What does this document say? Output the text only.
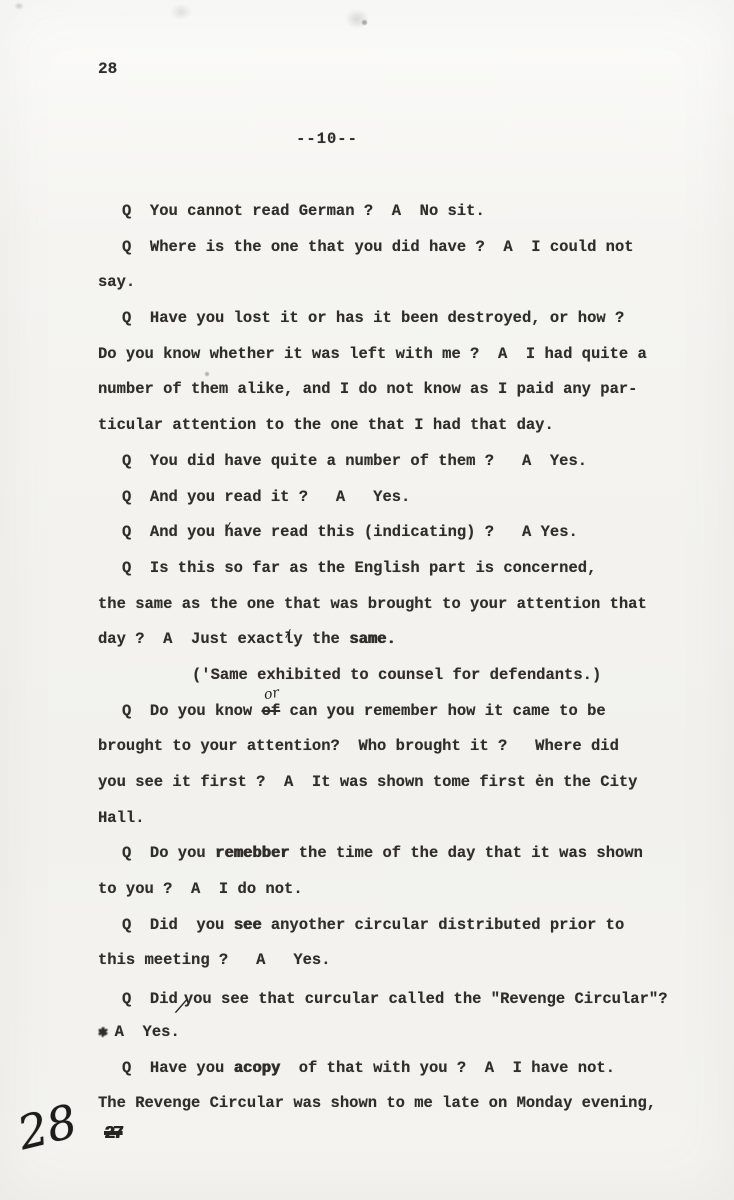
28
--10--
Q  You cannot read German ?  A  No sit.
Q  Where is the one that you did have ?  A  I could not
say.
Q  Have you lost it or has it been destroyed, or how ?
Do you know whether it was left with me ?  A  I had quite a
number of them alike, and I do not know as I paid any par-
ticular attention to the one that I had that day.
Q  You did have quite a number of them ?   A  Yes.
Q  And you read it ?   A   Yes.
Q  And you have read this (indicating) ?   A Yes.
Q  Is this so far as the English part is concerned,
the same as the one that was brought to your attention that
day ?  A  Just exactly the same.
('Same exhibited to counsel for defendants.)
Q  Do you know of
or
can you remember how it came to be
brought to your attention?  Who brought it ?   Where did
you see it first ?  A  It was shown tome first ėn the City
Hall.
Q  Do you remebber the time of the day that it was shown
to you ?  A  I do not.
Q  Did  you see anyother circular distributed prior to
this meeting ?   A   Yes.
Q  Did∕you see that curcular called the "Revenge Circular"?
✱ A  Yes.
Q  Have you acopy  of that with you ?  A  I have not.
The Revenge Circular was shown to me late on Monday evening,
28 27
